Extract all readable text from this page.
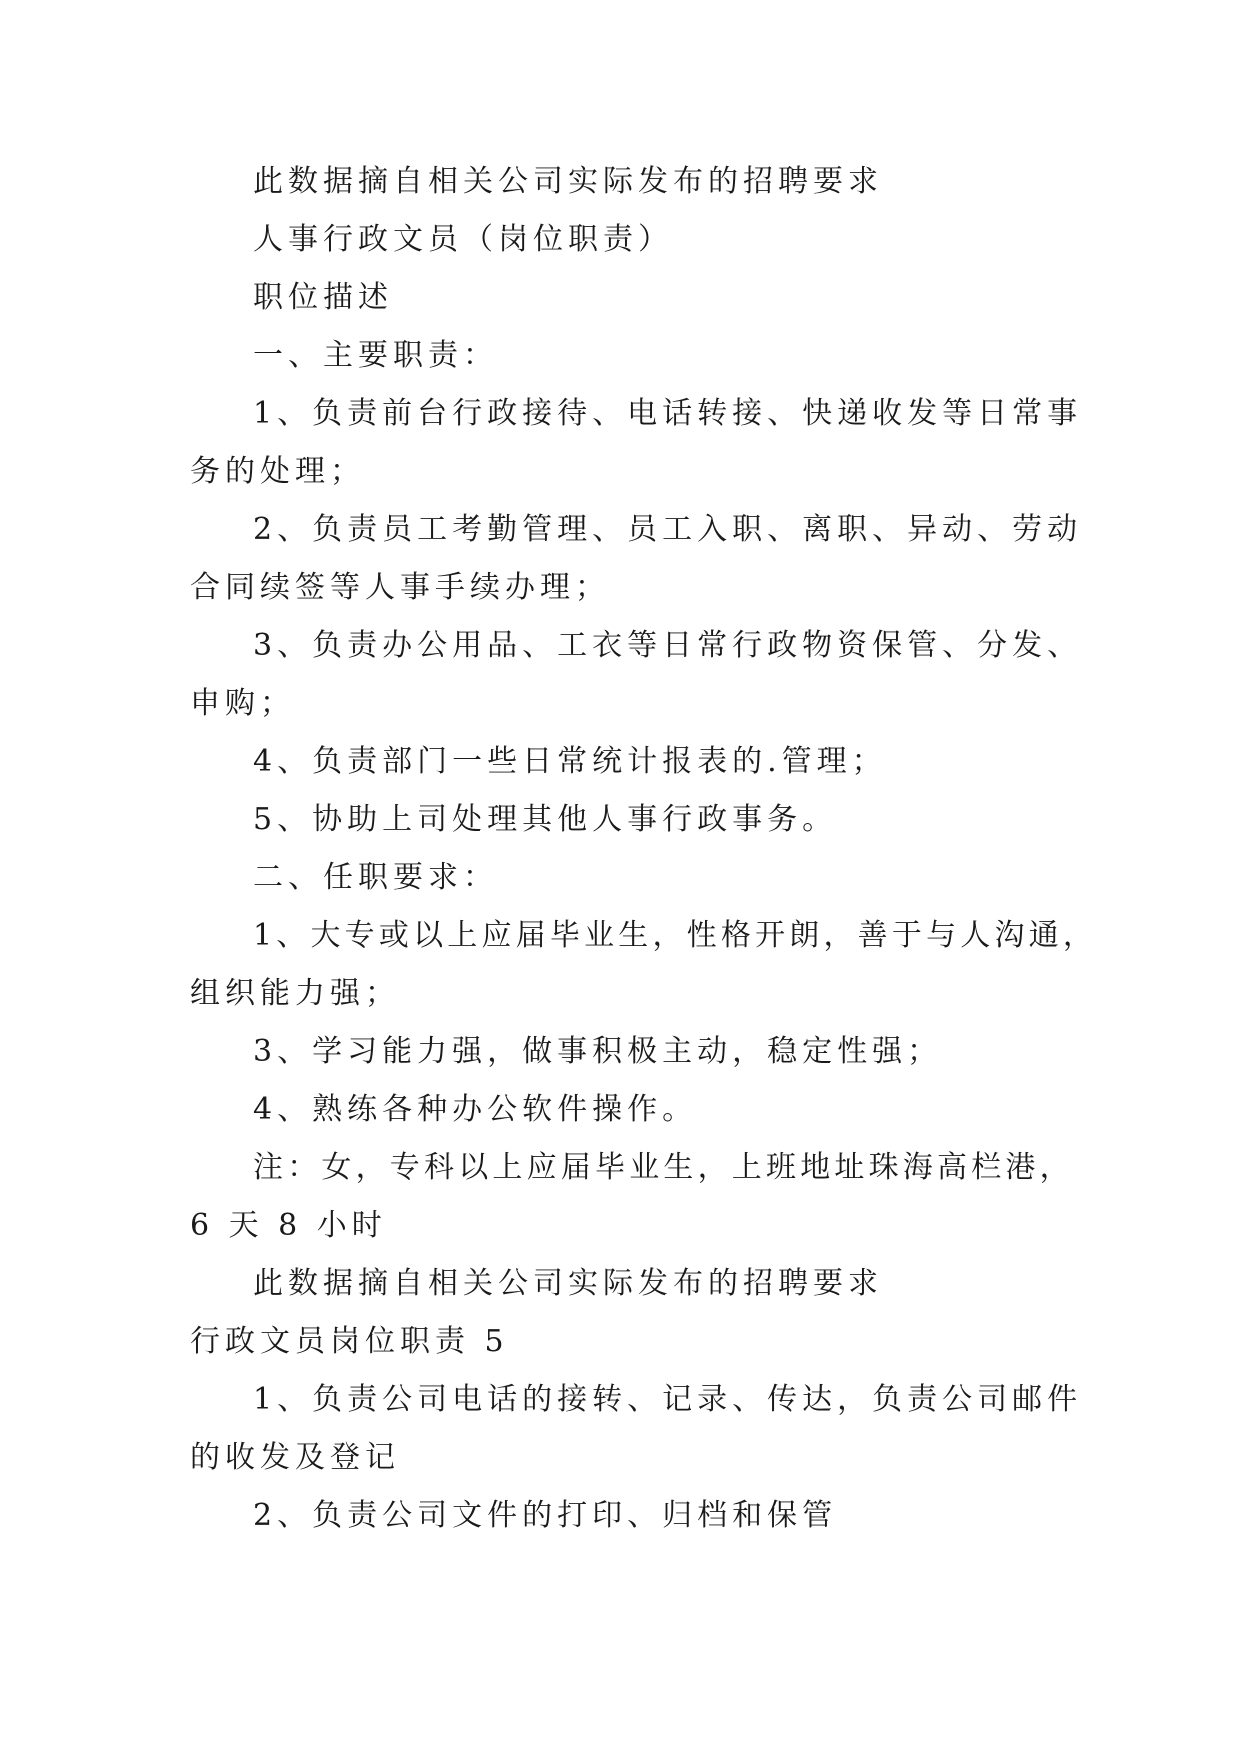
此数据摘自相关公司实际发布的招聘要求
人事行政文员（岗位职责）
职位描述
一、主要职责：
1、负责前台行政接待、电话转接、快递收发等日常事
务的处理；
2、负责员工考勤管理、员工入职、离职、异动、劳动
合同续签等人事手续办理；
3、负责办公用品、工衣等日常行政物资保管、分发、
申购；
4、负责部门一些日常统计报表的.管理；
5、协助上司处理其他人事行政事务。
二、任职要求：
1、大专或以上应届毕业生，性格开朗，善于与人沟通，
组织能力强；
3、学习能力强，做事积极主动，稳定性强；
4、熟练各种办公软件操作。
注：女，专科以上应届毕业生，上班地址珠海高栏港，
6 天 8 小时
此数据摘自相关公司实际发布的招聘要求
行政文员岗位职责 5
1、负责公司电话的接转、记录、传达，负责公司邮件
的收发及登记
2、负责公司文件的打印、归档和保管
